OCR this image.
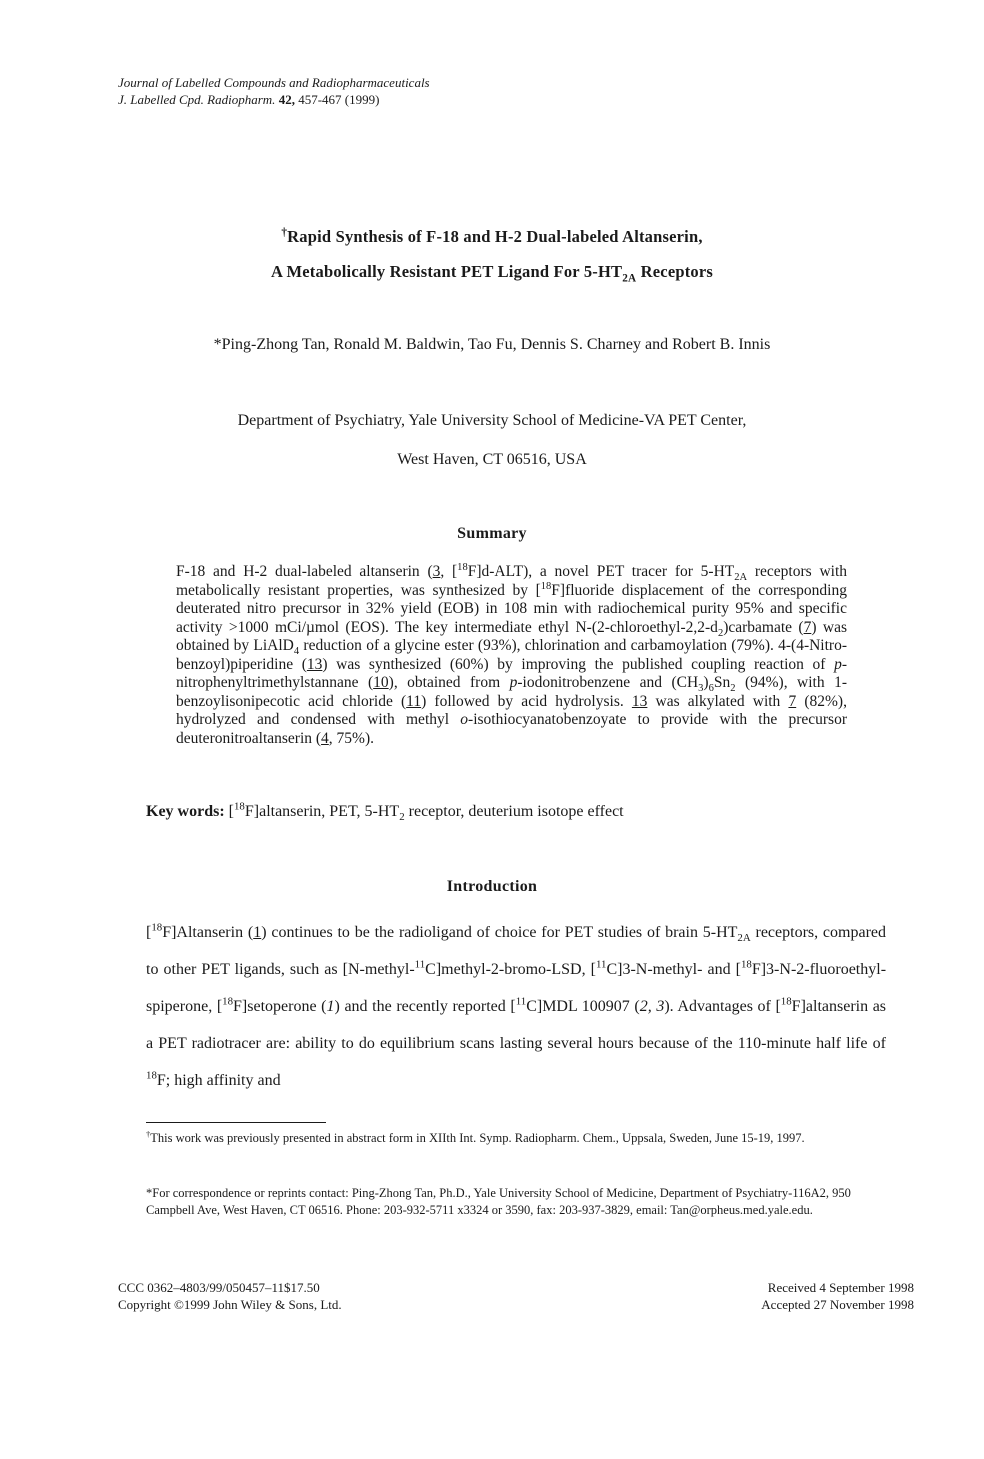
Journal of Labelled Compounds and Radiopharmaceuticals
J. Labelled Cpd. Radiopharm. 42, 457-467 (1999)
†Rapid Synthesis of F-18 and H-2 Dual-labeled Altanserin,
A Metabolically Resistant PET Ligand For $5-HT_{2A}$ Receptors
*Ping-Zhong Tan, Ronald M. Baldwin, Tao Fu, Dennis S. Charney and Robert B. Innis
Department of Psychiatry, Yale University School of Medicine-VA PET Center,
West Haven, CT 06516, USA
Summary
F-18 and H-2 dual-labeled altanserin (3, [$^{18}$F]d-ALT), a novel PET tracer for $5-HT_{2A}$ receptors with metabolically resistant properties, was synthesized by [$^{18}$F]fluoride displacement of the corresponding deuterated nitro precursor in 32% yield (EOB) in 108 min with radiochemical purity 95% and specific activity >1000 mCi/µmol (EOS). The key intermediate ethyl $N-(2-chloroethyl-2,2-d_2)carbamate$ (7) was obtained by LiAlD$_4$ reduction of a glycine ester (93%), chlorination and carbamoylation (79%). 4-(4-Nitro-benzoyl)piperidine (13) was synthesized (60%) by improving the published coupling reaction of p-nitrophenyltrimethylstannane (10), obtained from p-iodonitrobenzene and $(CH_3)_6Sn_2$ (94%), with 1-benzoylisonipecotic acid chloride (11) followed by acid hydrolysis. 13 was alkylated with 7 (82%), hydrolyzed and condensed with methyl o-isothiocyanatobenzoyate to provide with the precursor deuteronitroaltanserin (4, 75%).
Key words: [$^{18}$F]altanserin, PET, $5-HT_2$ receptor, deuterium isotope effect
Introduction
[$^{18}$F]Altanserin (1) continues to be the radioligand of choice for PET studies of brain $5-HT_{2A}$ receptors, compared to other PET ligands, such as [N-methyl-$^{11}$C]methyl-2-bromo-LSD, [$^{11}$C]3-N-methyl- and [$^{18}$F]3-N-2-fluoroethyl- spiperone, [$^{18}$F]setoperone (1) and the recently reported [$^{11}$C]MDL 100907 (2, 3). Advantages of [$^{18}$F]altanserin as a PET radiotracer are: ability to do equilibrium scans lasting several hours because of the 110-minute half life of $^{18}$F; high affinity and
†This work was previously presented in abstract form in XIIth Int. Symp. Radiopharm. Chem., Uppsala, Sweden, June 15-19, 1997.
*For correspondence or reprints contact: Ping-Zhong Tan, Ph.D., Yale University School of Medicine, Department of Psychiatry-116A2, 950 Campbell Ave, West Haven, CT 06516. Phone: 203-932-5711 x3324 or 3590, fax: 203-937-3829, email: Tan@orpheus.med.yale.edu.
CCC 0362–4803/99/050457–11$17.50
Copyright ©1999 John Wiley & Sons, Ltd.
Received 4 September 1998
Accepted 27 November 1998
